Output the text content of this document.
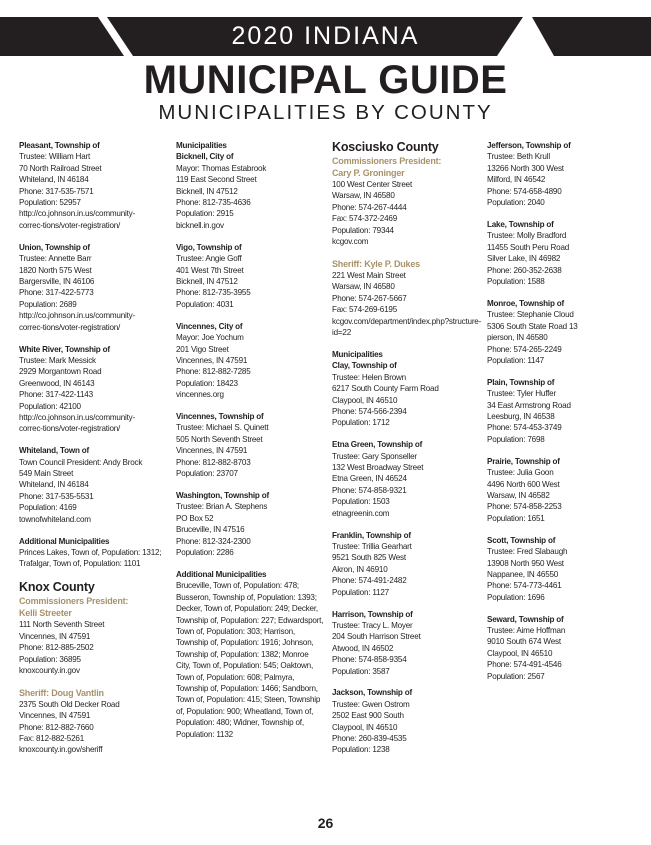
2020 INDIANA
MUNICIPAL GUIDE
MUNICIPALITIES BY COUNTY
Pleasant, Township of
Trustee: William Hart
70 North Railroad Street
Whiteland, IN 46184
Phone: 317-535-7571
Population: 52957
http://co.johnson.in.us/community-correc-tions/voter-registration/
Union, Township of
Trustee: Annette Barr
1820 North 575 West
Bargersville, IN 46106
Phone: 317-422-5773
Population: 2689
http://co.johnson.in.us/community-correc-tions/voter-registration/
White River, Township of
Trustee: Mark Messick
2929 Morgantown Road
Greenwood, IN 46143
Phone: 317-422-1143
Population: 42100
http://co.johnson.in.us/community-correc-tions/voter-registration/
Whiteland, Town of
Town Council President: Andy Brock
549 Main Street
Whiteland, IN 46184
Phone: 317-535-5531
Population: 4169
townofwhiteland.com
Additional Municipalities
Princes Lakes, Town of, Population: 1312;
Trafalgar, Town of, Population: 1101
Knox County
Commissioners President:
Kelli Streeter
111 North Seventh Street
Vincennes, IN 47591
Phone: 812-885-2502
Population: 36895
knoxcounty.in.gov
Sheriff: Doug Vantlin
2375 South Old Decker Road
Vincennes, IN 47591
Phone: 812-882-7660
Fax: 812-882-5261
knoxcounty.in.gov/sheriff
Municipalities
Bicknell, City of
Mayor: Thomas Estabrook
119 East Second Street
Bicknell, IN 47512
Phone: 812-735-4636
Population: 2915
bicknell.in.gov
Vigo, Township of
Trustee: Angie Goff
401 West 7th Street
Bicknell, IN 47512
Phone: 812-735-3955
Population: 4031
Vincennes, City of
Mayor: Joe Yochum
201 Vigo Street
Vincennes, IN 47591
Phone: 812-882-7285
Population: 18423
vincennes.org
Vincennes, Township of
Trustee: Michael S. Quinett
505 North Seventh Street
Vincennes, IN 47591
Phone: 812-882-8703
Population: 23707
Washington, Township of
Trustee: Brian A. Stephens
PO Box 52
Bruceville, IN 47516
Phone: 812-324-2300
Population: 2286
Additional Municipalities
Bruceville, Town of, Population: 478; Busseron, Township of, Population: 1393; Decker, Town of, Population: 249; Decker, Township of, Population: 227; Edwardsport, Town of, Population: 303; Harrison, Township of, Population: 1916; Johnson, Township of, Population: 1382; Monroe City, Town of, Population: 545; Oaktown, Town of, Population: 608; Palmyra, Township of, Population: 1466; Sandborn, Town of, Population: 415; Steen, Township of, Population: 900; Wheatland, Town of, Population: 480; Widner, Township of, Population: 1132
Kosciusko County
Commissioners President:
Cary P. Groninger
100 West Center Street
Warsaw, IN 46580
Phone: 574-267-4444
Fax: 574-372-2469
Population: 79344
kcgov.com
Sheriff: Kyle P. Dukes
221 West Main Street
Warsaw, IN 46580
Phone: 574-267-5667
Fax: 574-269-6195
kcgov.com/department/index.php?structure-id=22
Municipalities
Clay, Township of
Trustee: Helen Brown
6217 South County Farm Road
Claypool, IN 46510
Phone: 574-566-2394
Population: 1712
Etna Green, Township of
Trustee: Gary Sponseller
132 West Broadway Street
Etna Green, IN 46524
Phone: 574-858-9321
Population: 1503
etnagreenin.com
Franklin, Township of
Trustee: Trillia Gearhart
9521 South 825 West
Akron, IN 46910
Phone: 574-491-2482
Population: 1127
Harrison, Township of
Trustee: Tracy L. Moyer
204 South Harrison Street
Atwood, IN 46502
Phone: 574-858-9354
Population: 3587
Jackson, Township of
Trustee: Gwen Ostrom
2502 East 900 South
Claypool, IN 46510
Phone: 260-839-4535
Population: 1238
Jefferson, Township of
Trustee: Beth Krull
13266 North 300 West
Milford, IN 46542
Phone: 574-658-4890
Population: 2040
Lake, Township of
Trustee: Molly Bradford
11455 South Peru Road
Silver Lake, IN 46982
Phone: 260-352-2638
Population: 1588
Monroe, Township of
Trustee: Stephanie Cloud
5306 South State Road 13
pierson, IN 46580
Phone: 574-265-2249
Population: 1147
Plain, Township of
Trustee: Tyler Huffer
34 East Armstrong Road
Leesburg, IN 46538
Phone: 574-453-3749
Population: 7698
Prairie, Township of
Trustee: Julia Goon
4496 North 600 West
Warsaw, IN 46582
Phone: 574-858-2253
Population: 1651
Scott, Township of
Trustee: Fred Slabaugh
13908 North 950 West
Nappanee, IN 46550
Phone: 574-773-4461
Population: 1696
Seward, Township of
Trustee: Aime Hoffman
9010 South 674 West
Claypool, IN 46510
Phone: 574-491-4546
Population: 2567
26
